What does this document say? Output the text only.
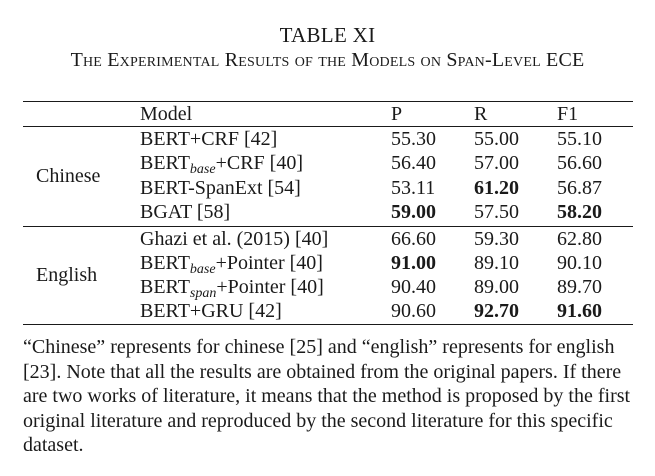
TABLE XI
The Experimental Results of the Models on Span-Level ECE
Model	P	R	F1
Chinese
English
BERT+CRF [42]	55.30 55.00 55.10
$BERT_{base}+CRF$ [40]	56.40 57.00 56.60
BERT-SpanExt [54]	53.11 61.20 56.87
BGAT [58]	59.00 57.50 58.20
Ghazi et al. (2015) [40]	66.60 59.30 62.80
$BERT_{base}+Pointer$ [40]	91.00 89.10 90.10
$BERT_{span}+Pointer$ [40]	90.40 89.00 89.70
BERT+GRU [42]	90.60 92.70 91.60
“Chinese” represents for chinese [25] and “english” represents for english [23]. Note that all the results are obtained from the original papers. If there are two works of literature, it means that the method is proposed by the first original literature and reproduced by the second literature for this specific dataset.
